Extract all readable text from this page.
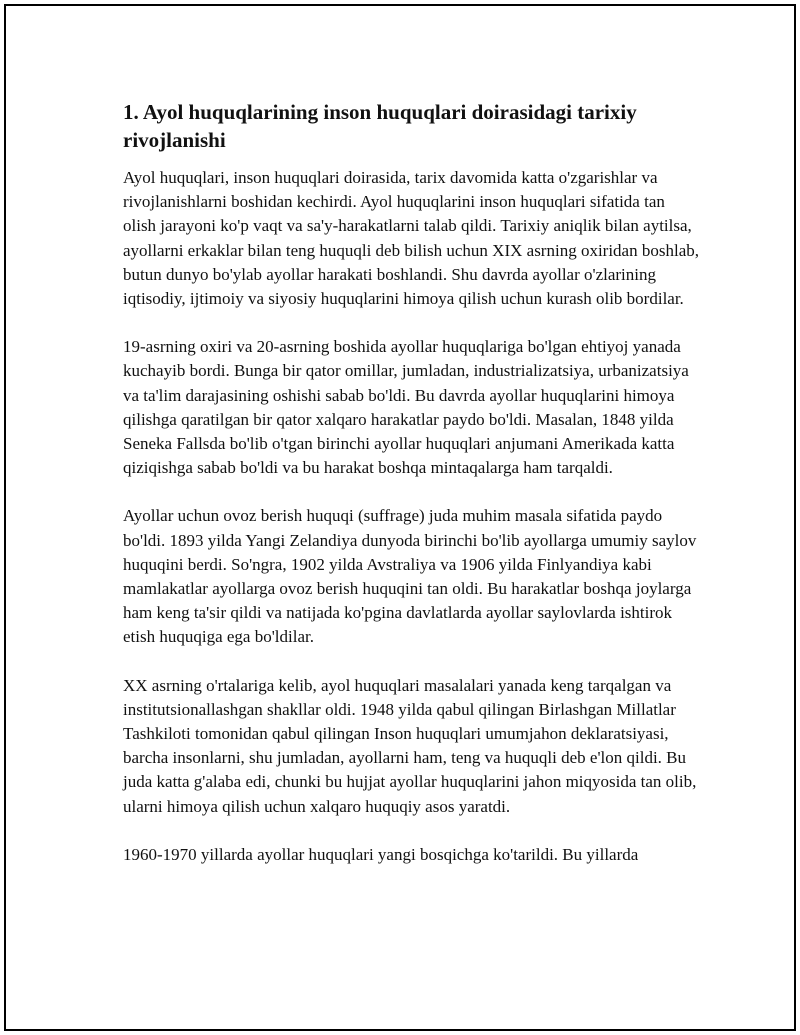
1. Ayol huquqlarining inson huquqlari doirasidagi tarixiy rivojlanishi

Ayol huquqlari, inson huquqlari doirasida, tarix davomida katta o'zgarishlar va rivojlanishlarni boshidan kechirdi. Ayol huquqlarini inson huquqlari sifatida tan olish jarayoni ko'p vaqt va sa'y-harakatlarni talab qildi. Tarixiy aniqlik bilan aytilsa, ayollarni erkaklar bilan teng huquqli deb bilish uchun XIX asrning oxiridan boshlab, butun dunyo bo'ylab ayollar harakati boshlandi. Shu davrda ayollar o'zlarining iqtisodiy, ijtimoiy va siyosiy huquqlarini himoya qilish uchun kurash olib bordilar.

19-asrning oxiri va 20-asrning boshida ayollar huquqlariga bo'lgan ehtiyoj yanada kuchayib bordi. Bunga bir qator omillar, jumladan, industrializatsiya, urbanizatsiya va ta'lim darajasining oshishi sabab bo'ldi. Bu davrda ayollar huquqlarini himoya qilishga qaratilgan bir qator xalqaro harakatlar paydo bo'ldi. Masalan, 1848 yilda Seneka Fallsda bo'lib o'tgan birinchi ayollar huquqlari anjumani Amerikada katta qiziqishga sabab bo'ldi va bu harakat boshqa mintaqalarga ham tarqaldi.

Ayollar uchun ovoz berish huquqi (suffrage) juda muhim masala sifatida paydo bo'ldi. 1893 yilda Yangi Zelandiya dunyoda birinchi bo'lib ayollarga umumiy saylov huquqini berdi. So'ngra, 1902 yilda Avstraliya va 1906 yilda Finlyandiya kabi mamlakatlar ayollarga ovoz berish huquqini tan oldi. Bu harakatlar boshqa joylarga ham keng ta'sir qildi va natijada ko'pgina davlatlarda ayollar saylovlarda ishtirok etish huquqiga ega bo'ldilar.

XX asrning o'rtalariga kelib, ayol huquqlari masalalari yanada keng tarqalgan va institutsionallashgan shakllar oldi. 1948 yilda qabul qilingan Birlashgan Millatlar Tashkiloti tomonidan qabul qilingan Inson huquqlari umumjahon deklaratsiyasi, barcha insonlarni, shu jumladan, ayollarni ham, teng va huquqli deb e'lon qildi. Bu juda katta g'alaba edi, chunki bu hujjat ayollar huquqlarini jahon miqyosida tan olib, ularni himoya qilish uchun xalqaro huquqiy asos yaratdi.

1960-1970 yillarda ayollar huquqlari yangi bosqichga ko'tarildi. Bu yillarda
